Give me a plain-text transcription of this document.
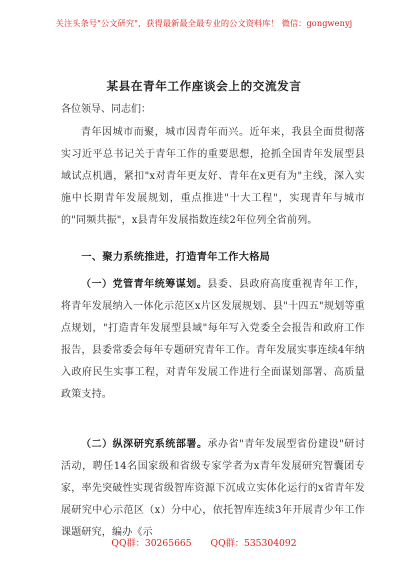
关注头条号"公文研究"，获得最新最全最专业的公文资料库！ 微信：gongwenyj
某县在青年工作座谈会上的交流发言
各位领导、同志们：
青年因城市而聚，城市因青年而兴。近年来，我县全面贯彻落实习近平总书记关于青年工作的重要思想，抢抓全国青年发展型县域试点机遇，紧扣"x对青年更友好、青年在x更有为"主线，深入实施中长期青年发展规划，重点推进"十大工程"，实现青年与城市的"同频共振"，x县青年发展指数连续2年位列全省前列。
一、聚力系统推进，打造青年工作大格局
（一）党管青年统筹谋划。县委、县政府高度重视青年工作，将青年发展纳入一体化示范区x片区发展规划、县"十四五"规划等重点规划，"打造青年发展型县域"每年写入党委全会报告和政府工作报告，县委常委会每年专题研究青年工作。青年发展实事连续4年纳入政府民生实事工程，对青年发展工作进行全面谋划部署、高质量政策支持。
（二）纵深研究系统部署。承办省"青年发展型省份建设"研讨活动，聘任14名国家级和省级专家学者为x青年发展研究智囊团专家，率先突破性实现省级智库资源下沉成立实体化运行的x省青年发展研究中心示范区（x）分中心，依托智库连续3年开展青少年工作课题研究，编办《示
QQ群：30265665 QQ群：535304092
